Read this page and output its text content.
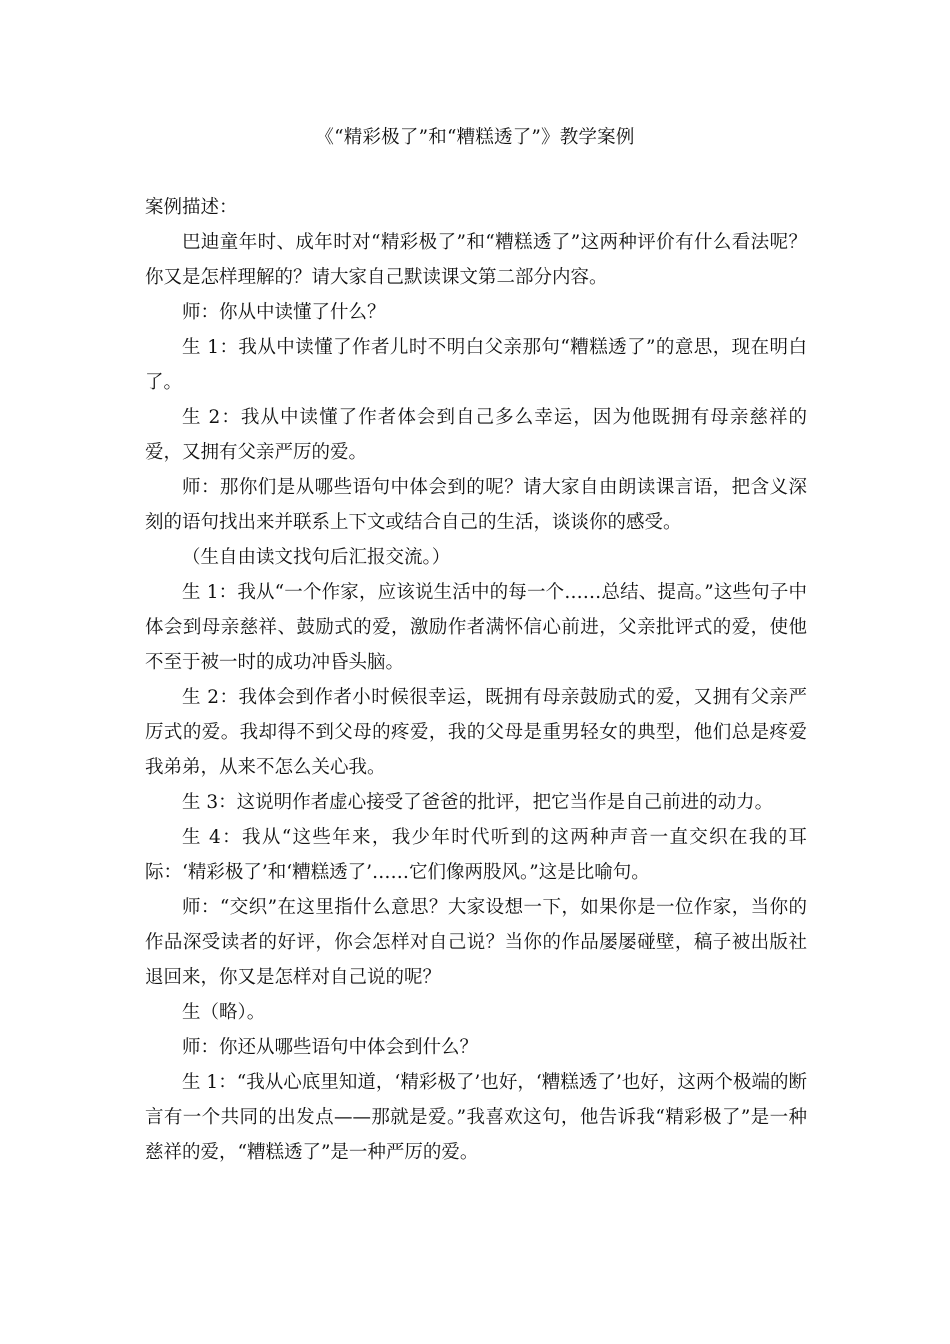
《“精彩极了”和“糟糕透了”》教学案例

案例描述：

巴迪童年时、成年时对“精彩极了”和“糟糕透了”这两种评价有什么看法呢？你又是怎样理解的？请大家自己默读课文第二部分内容。

师：你从中读懂了什么？

生 1：我从中读懂了作者儿时不明白父亲那句“糟糕透了”的意思，现在明白了。

生 2：我从中读懂了作者体会到自己多么幸运，因为他既拥有母亲慈祥的爱，又拥有父亲严厉的爱。

师：那你们是从哪些语句中体会到的呢？请大家自由朗读课言语，把含义深刻的语句找出来并联系上下文或结合自己的生活，谈谈你的感受。

（生自由读文找句后汇报交流。）

生 1：我从“一个作家，应该说生活中的每一个……总结、提高。”这些句子中体会到母亲慈祥、鼓励式的爱，激励作者满怀信心前进，父亲批评式的爱，使他不至于被一时的成功冲昏头脑。

生 2：我体会到作者小时候很幸运，既拥有母亲鼓励式的爱，又拥有父亲严厉式的爱。我却得不到父母的疼爱，我的父母是重男轻女的典型，他们总是疼爱我弟弟，从来不怎么关心我。

生 3：这说明作者虚心接受了爸爸的批评，把它当作是自己前进的动力。

生 4：我从“这些年来，我少年时代听到的这两种声音一直交织在我的耳际：‘精彩极了’和‘糟糕透了’……它们像两股风。”这是比喻句。

师：“交织”在这里指什么意思？大家设想一下，如果你是一位作家，当你的作品深受读者的好评，你会怎样对自己说？当你的作品屡屡碰壁，稿子被出版社退回来，你又是怎样对自己说的呢？

生（略）。

师：你还从哪些语句中体会到什么？

生 1：“我从心底里知道，‘精彩极了’也好，‘糟糕透了’也好，这两个极端的断言有一个共同的出发点——那就是爱。”我喜欢这句，他告诉我“精彩极了”是一种慈祥的爱，“糟糕透了”是一种严厉的爱。
